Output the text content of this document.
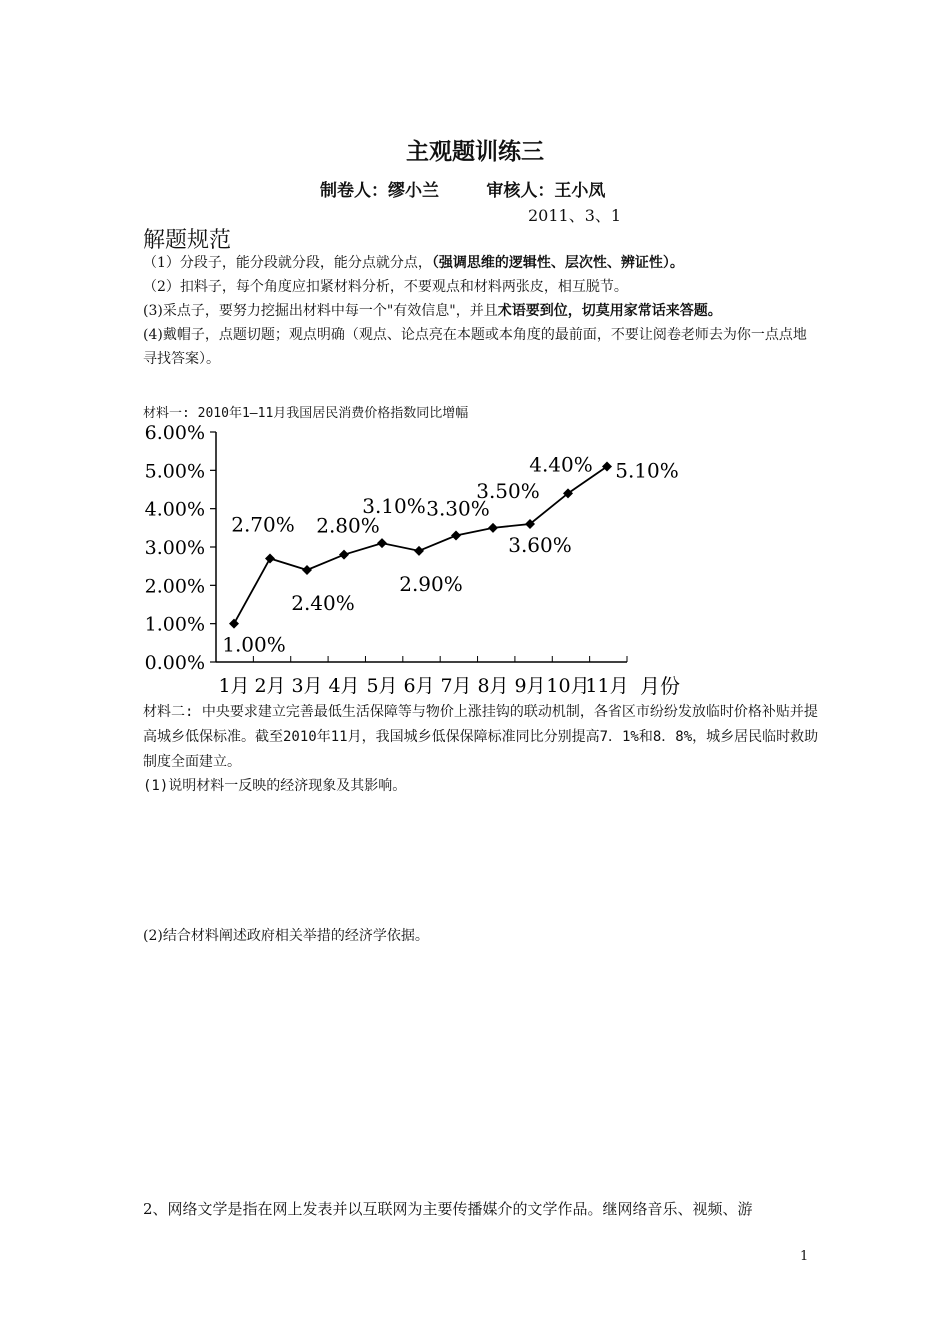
主观题训练三
制卷人：缪小兰        审核人：王小凤
2011、3、1
解题规范
（1）分段子，能分段就分段，能分点就分点，（强调思维的逻辑性、层次性、辨证性）。
（2）扣料子，每个角度应扣紧材料分析，不要观点和材料两张皮，相互脱节。
(3)采点子，要努力挖掘出材料中每一个"有效信息"，并且术语要到位，切莫用家常话来答题。
(4)戴帽子，点题切题；观点明确（观点、论点亮在本题或本角度的最前面，不要让阅卷老师去为你一点点地寻找答案）。
材料一: 2010年1—11月我国居民消费价格指数同比增幅
0.00%
1.00%
2.00%
3.00%
4.00%
5.00%
6.00%
1月 2月 3月 4月 5月 6月 7月 8月 9月 10月
11月 月份
1.00%
2.70%
2.40%
2.80%
3.10%
2.90%
3.30%
3.50%
3.60%
4.40% 5.10%
材料二: 中央要求建立完善最低生活保障等与物价上涨挂钩的联动机制，各省区市纷纷发放临时价格补贴并提高城乡低保标准。截至2010年11月，我国城乡低保保障标准同比分别提高7．1%和8．8%，城乡居民临时救助制度全面建立。
(1)说明材料一反映的经济现象及其影响。
(2)结合材料阐述政府相关举措的经济学依据。
2、网络文学是指在网上发表并以互联网为主要传播媒介的文学作品。继网络音乐、视频、游
1
